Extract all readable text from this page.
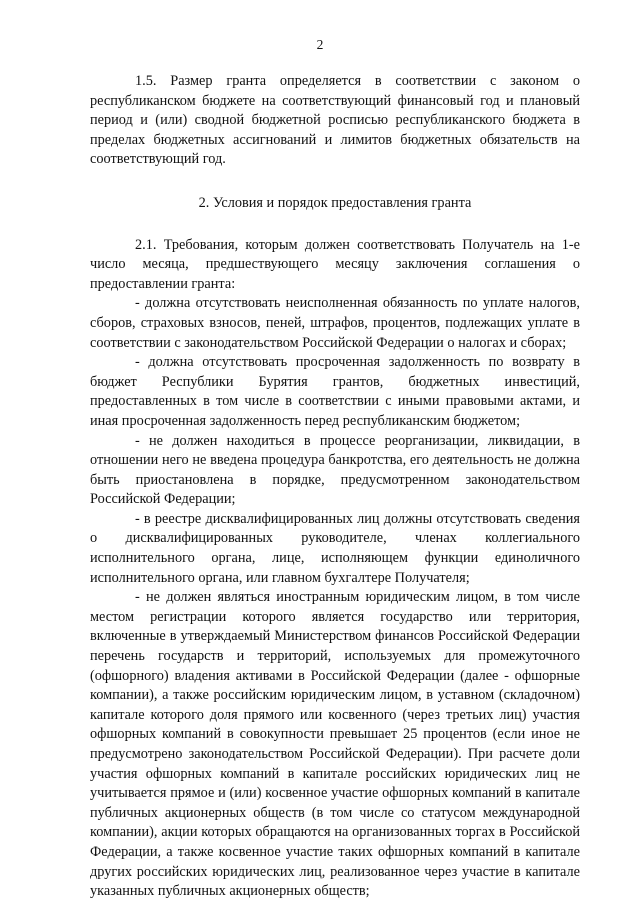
2

1.5. Размер гранта определяется в соответствии с законом о республиканском бюджете на соответствующий финансовый год и плановый период и (или) сводной бюджетной росписью республиканского бюджета в пределах бюджетных ассигнований и лимитов бюджетных обязательств на соответствующий год.

2. Условия и порядок предоставления гранта

2.1. Требования, которым должен соответствовать Получатель на 1-е число месяца, предшествующего месяцу заключения соглашения о предоставлении гранта:

- должна отсутствовать неисполненная обязанность по уплате налогов, сборов, страховых взносов, пеней, штрафов, процентов, подлежащих уплате в соответствии с законодательством Российской Федерации о налогах и сборах;

- должна отсутствовать просроченная задолженность по возврату в бюджет Республики Бурятия грантов, бюджетных инвестиций, предоставленных в том числе в соответствии с иными правовыми актами, и иная просроченная задолженность перед республиканским бюджетом;

- не должен находиться в процессе реорганизации, ликвидации, в отношении него не введена процедура банкротства, его деятельность не должна быть приостановлена в порядке, предусмотренном законодательством Российской Федерации;

- в реестре дисквалифицированных лиц должны отсутствовать сведения о дисквалифицированных руководителе, членах коллегиального исполнительного органа, лице, исполняющем функции единоличного исполнительного органа, или главном бухгалтере Получателя;

- не должен являться иностранным юридическим лицом, в том числе местом регистрации которого является государство или территория, включенные в утверждаемый Министерством финансов Российской Федерации перечень государств и территорий, используемых для промежуточного (офшорного) владения активами в Российской Федерации (далее - офшорные компании), а также российским юридическим лицом, в уставном (складочном) капитале которого доля прямого или косвенного (через третьих лиц) участия офшорных компаний в совокупности превышает 25 процентов (если иное не предусмотрено законодательством Российской Федерации). При расчете доли участия офшорных компаний в капитале российских юридических лиц не учитывается прямое и (или) косвенное участие офшорных компаний в капитале публичных акционерных обществ (в том числе со статусом международной компании), акции которых обращаются на организованных торгах в Российской Федерации, а также косвенное участие таких офшорных компаний в капитале других российских юридических лиц, реализованное через участие в капитале указанных публичных акционерных обществ;
